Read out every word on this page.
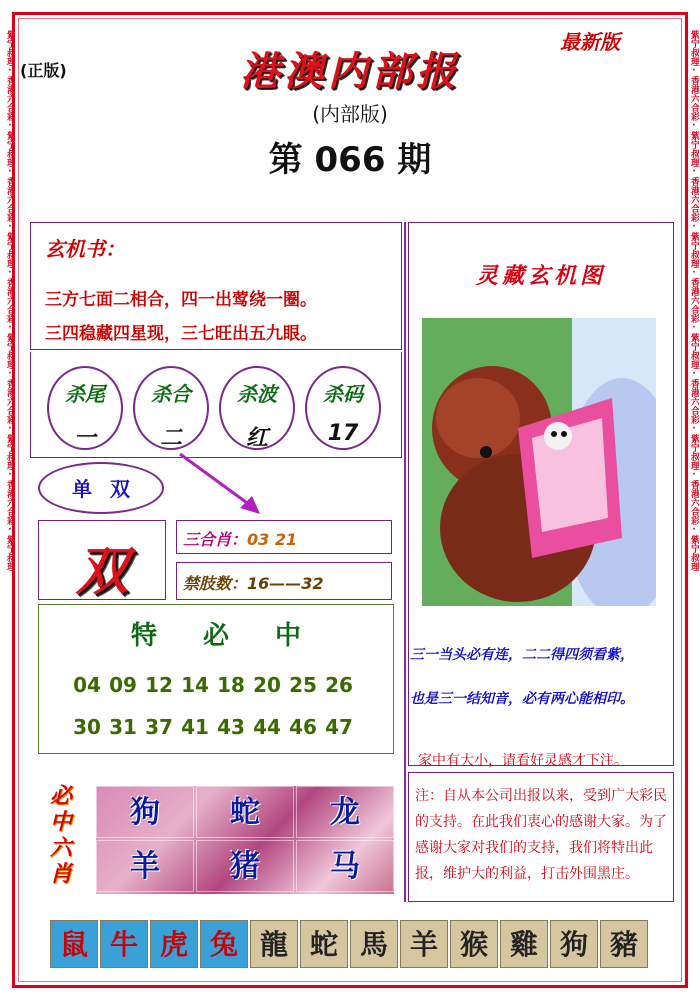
紫宁叔理·香港六合彩·紫宁叔理·香港六合彩·紫宁叔理·香港六合彩·紫宁叔理·香港六合彩·紫宁叔理·香港六合彩·紫宁叔理	紫宁叔理·香港六合彩·紫宁叔理·香港六合彩·紫宁叔理·香港六合彩·紫宁叔理·香港六合彩·紫宁叔理·香港六合彩·紫宁叔理
(正版)
最新版
港澳内部报
(内部版)
第 066 期
玄机书：
三方七面二相合，四一出莺绕一圈。
三四稳藏四星现，三七旺出五九眼。
杀尾
一
杀合
二
杀波
红
杀码
17
单双
双
三合肖：03 21
禁肢数：16——32
特必中
04 09 12 14 18 20 25 26
30 31 37 41 43 44 46 47
必中六肖
狗	蛇	龙
羊	猪	马
灵藏玄机图
三一当头必有连，二二得四须看紫，
也是三一结知音，必有两心能相印。
家中有大小，请看好灵感才下注。
注：自从本公司出报以来，受到广大彩民的支持。在此我们衷心的感谢大家。为了感谢大家对我们的支持，我们将特出此报，维护大的利益，打击外围黑庄。
鼠 牛 虎 兔 龍 蛇 馬 羊 猴 雞 狗 豬
